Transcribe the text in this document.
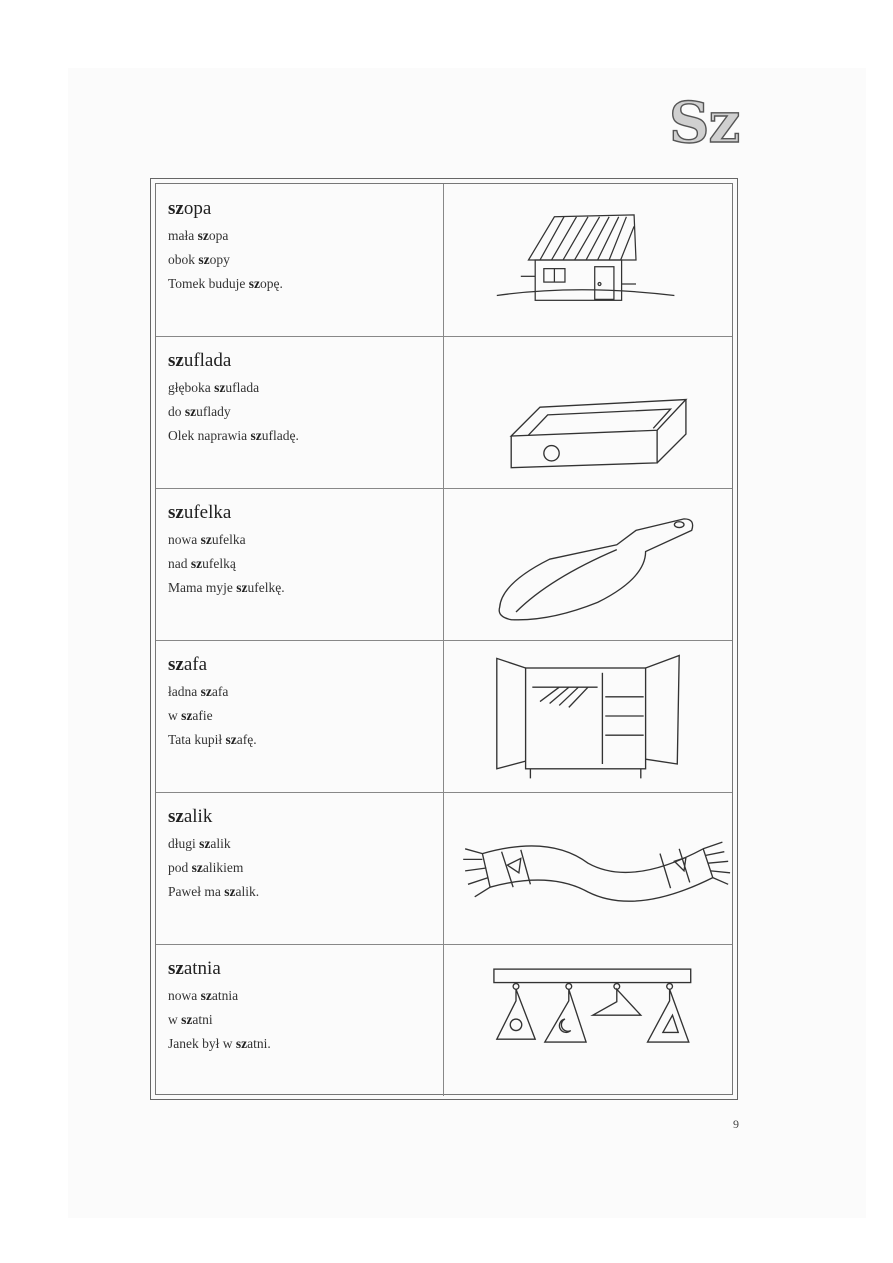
Sz
szopa
mała szopa
obok szopy
Tomek buduje szopę.
szuflada
głęboka szuflada
do szuflady
Olek naprawia szufladę.
szufelka
nowa szufelka
nad szufelką
Mama myje szufelkę.
szafa
ładna szafa
w szafie
Tata kupił szafę.
szalik
długi szalik
pod szalikiem
Paweł ma szalik.
szatnia
nowa szatnia
w szatni
Janek był w szatni.
9
